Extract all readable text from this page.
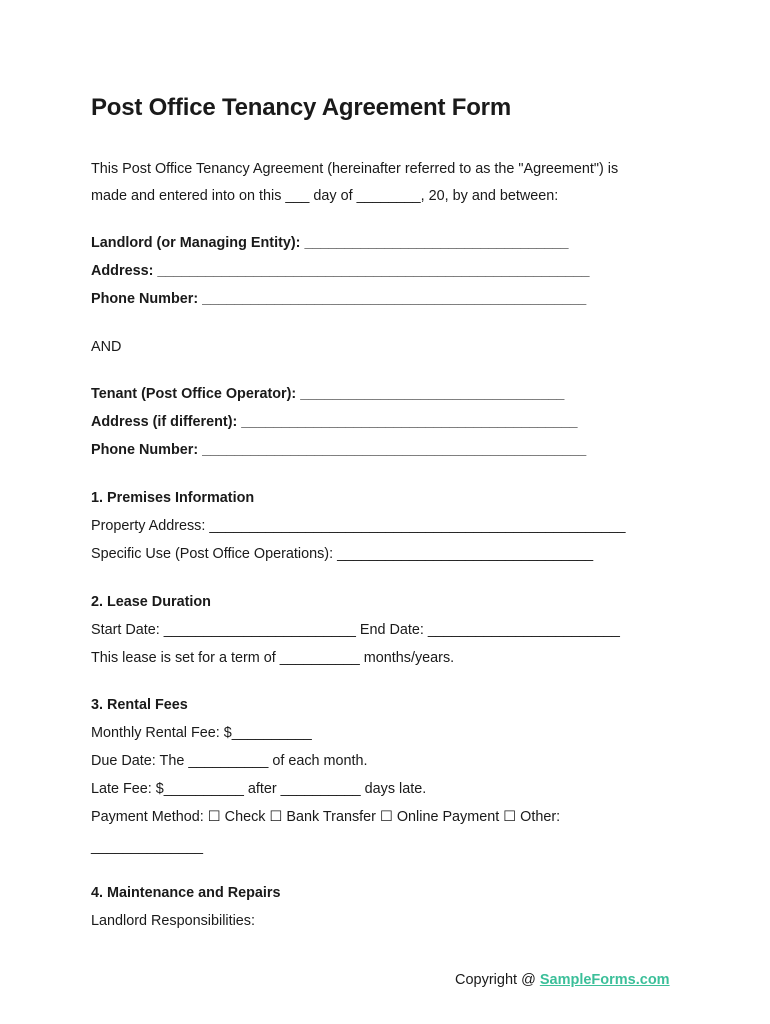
Post Office Tenancy Agreement Form
This Post Office Tenancy Agreement (hereinafter referred to as the "Agreement") is
made and entered into on this ___ day of ________, 20, by and between:
Landlord (or Managing Entity): _________________________________
Address: ______________________________________________________
Phone Number: ________________________________________________
AND
Tenant (Post Office Operator): _________________________________
Address (if different): __________________________________________
Phone Number: ________________________________________________
1. Premises Information
Property Address: ____________________________________________________
Specific Use (Post Office Operations): ________________________________
2. Lease Duration
Start Date: ________________________ End Date: ________________________
This lease is set for a term of __________ months/years.
3. Rental Fees
Monthly Rental Fee: $__________
Due Date: The __________ of each month.
Late Fee: $__________ after __________ days late.
Payment Method: ☐ Check ☐ Bank Transfer ☐ Online Payment ☐ Other:
______________
4. Maintenance and Repairs
Landlord Responsibilities:
Copyright @ SampleForms.com
